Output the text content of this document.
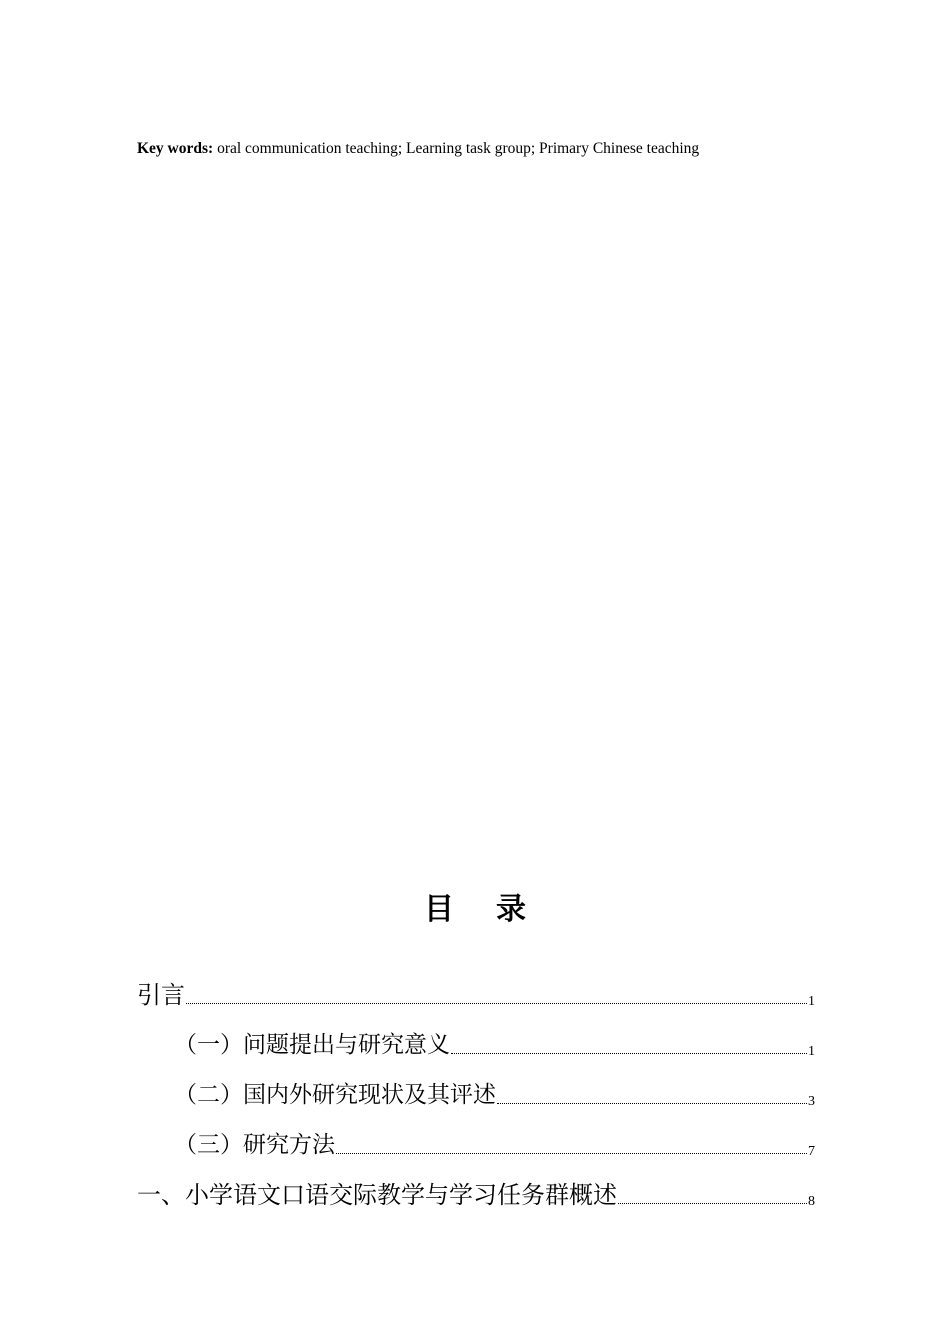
Key words: oral communication teaching; Learning task group; Primary Chinese teaching

目 录
引言	1
（一）问题提出与研究意义	1
（二）国内外研究现状及其评述	3
（三）研究方法	7
一、小学语文口语交际教学与学习任务群概述	8
